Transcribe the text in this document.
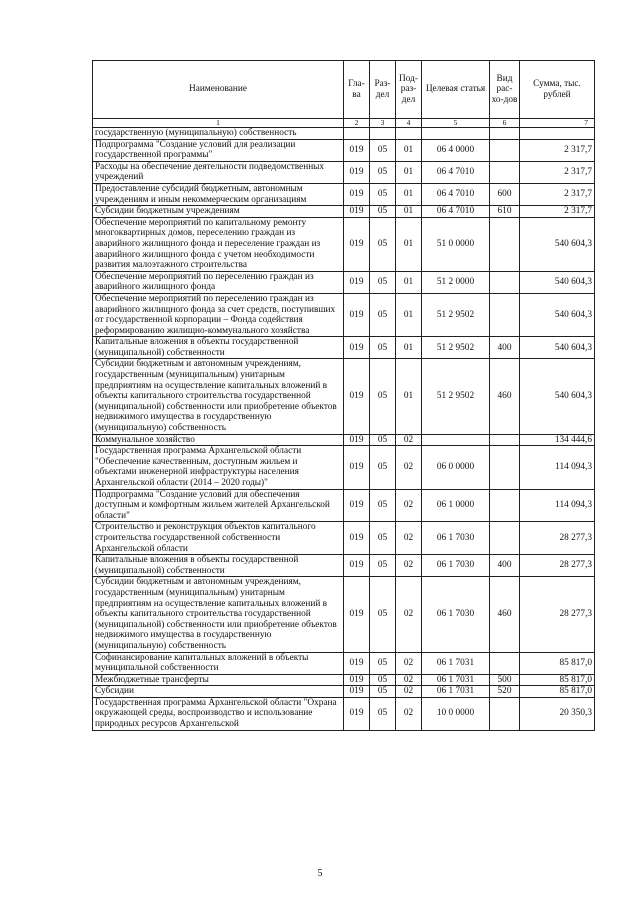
Наименование	Гла-ва	Раз-дел	Под-раз-дел	Целевая статья	Вид рас-хо-дов	Сумма, тыс. рублей
1	2	3	4	5	6	7
государственную (муниципальную) собственность						
Подпрограмма "Создание условий для реализации государственной программы"	019	05	01	06 4 0000		2 317,7
Расходы на обеспечение деятельности подведомственных учреждений	019	05	01	06 4 7010		2 317,7
Предоставление субсидий бюджетным, автономным учреждениям и иным некоммерческим организациям	019	05	01	06 4 7010	600	2 317,7
Субсидии бюджетным учреждениям	019	05	01	06 4 7010	610	2 317,7
Обеспечение мероприятий по капитальному ремонту многоквартирных домов, переселению граждан из аварийного жилищного фонда и переселение граждан из аварийного жилищного фонда с учетом необходимости развития малоэтажного строительства	019	05	01	51 0 0000		540 604,3
Обеспечение мероприятий по переселению граждан из аварийного жилищного фонда	019	05	01	51 2 0000		540 604,3
Обеспечение мероприятий по переселению граждан из аварийного жилищного фонда за счет средств, поступивших от государственной корпорации – Фонда содействия реформированию жилищно-коммунального хозяйства	019	05	01	51 2 9502		540 604,3
Капитальные вложения в объекты государственной (муниципальной) собственности	019	05	01	51 2 9502	400	540 604,3
Субсидии бюджетным и автономным учреждениям, государственным (муниципальным) унитарным предприятиям на осуществление капитальных вложений в объекты капитального строительства государственной (муниципальной) собственности или приобретение объектов недвижимого имущества в государственную (муниципальную) собственность	019	05	01	51 2 9502	460	540 604,3
Коммунальное хозяйство	019	05	02			134 444,6
Государственная программа Архангельской области "Обеспечение качественным, доступным жильем и объектами инженерной инфраструктуры населения Архангельской области (2014 – 2020 годы)"	019	05	02	06 0 0000		114 094,3
Подпрограмма "Создание условий для обеспечения доступным и комфортным жильем жителей Архангельской области"	019	05	02	06 1 0000		114 094,3
Строительство и реконструкция объектов капитального строительства государственной собственности Архангельской области	019	05	02	06 1 7030		28 277,3
Капитальные вложения в объекты государственной (муниципальной) собственности	019	05	02	06 1 7030	400	28 277,3
Субсидии бюджетным и автономным учреждениям, государственным (муниципальным) унитарным предприятиям на осуществление капитальных вложений в объекты капитального строительства государственной (муниципальной) собственности или приобретение объектов недвижимого имущества в государственную (муниципальную) собственность	019	05	02	06 1 7030	460	28 277,3
Софинансирование капитальных вложений в объекты муниципальной собственности	019	05	02	06 1 7031		85 817,0
Межбюджетные трансферты	019	05	02	06 1 7031	500	85 817,0
Субсидии	019	05	02	06 1 7031	520	85 817,0
Государственная программа Архангельской области "Охрана окружающей среды, воспроизводство и использование природных ресурсов Архангельской	019	05	02	10 0 0000		20 350,3
5
